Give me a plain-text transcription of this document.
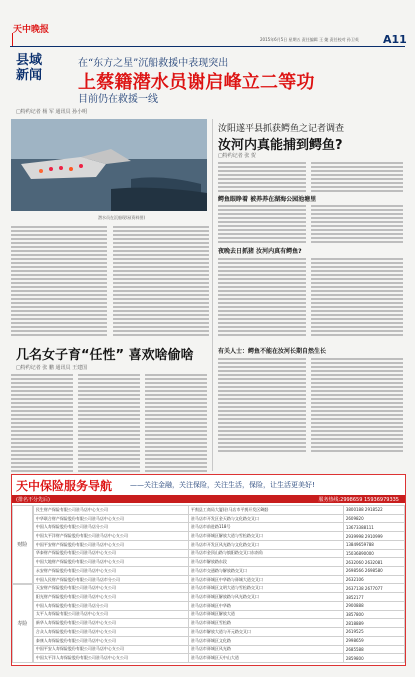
天中晚报
县域
新闻
2015年6月5日 星期五 责任编辑 王 婕 责任校对 孙卫英 A11
在“东方之星”沉船救援中表现突出
上蔡籍潜水员谢启峰立二等功
目前仍在救援一线
□特约记者 杨 军 通讯员 孙小明
潜水员在沉船现场(资料图)
几名女子育“任性” 喜欢啥偷啥
□特约记者 张 鹏 通讯员 王建国
汝阳遂平县抓获鳄鱼之记者调查
汝河内真能捕到鳄鱼?
□特约记者 张 贺
鳄鱼眼睁着 被养养在湖海公园池塘里
夜晚去日抓猪 汝河内真有鳄鱼?
有关人士：鳄鱼不能在汝河长期自然生长
天中保险服务导航	——关注金融，关注保险，关注生活，保险，让生活更美好!
(排名不分先后)	服务热线:2998659 15936979335
财险
寿险
民生财产保险有限公司驻马店中心支公司	平舆县工商局大厦(驻马店市平舆开发区8楼)	3800188 2918522
中华联合财产保险股份有限公司驻马店中心支公司	驻马店市开发区金天路与文化路交叉口	2609820
中国人寿保险股份有限公司驻马店分公司	驻马店市前进路118号	13673388111
中国太平洋财产保险股份有限公司驻马店中心支公司	驻马店市驿城区解放大道与雪松路交叉口	2939998 2910999
中国平安财产保险股份有限公司驻马店中心支公司	驻马店市开发区风光路与文化路交叉口	13849659788
华泰财产保险股份有限公司驻马店中心支公司	驻马店市金顶山路与慎阳路交叉口东南角	15036890000
中国大地财产保险股份有限公司驻马店中心支公司	驻马店市解放路东段	2632060 2632081
永安财产保险股份有限公司驻马店中心支公司	驻马店市交通路与解放路交叉口	2698566 2698580
中国人民财产保险股份有限公司驻马店市分公司	驻马店市驿城区中华路与驿城大道交叉口	2632106
天安财产保险股份有限公司驻马店中心支公司	驻马店市驿城区文明大道与雪松路交叉口	2637138 2677077
阳光财产保险股份有限公司驻马店中心支公司	驻马店市驿城区解放路与风光路交叉口	3852177
中国人寿保险股份有限公司驻马店分公司	驻马店市驿城区中华路	2900888
太平人寿保险有限公司驻马店中心支公司	驻马店市驿城区解放大道	3857800
新华人寿保险股份有限公司驻马店中心支公司	驻马店市驿城区雪松路	2818889
合众人寿保险股份有限公司驻马店中心支公司	驻马店市解放大道与开元路交叉口	2619525
泰康人寿保险股份有限公司驻马店中心支公司	驻马店市驿城区文化路	2998659
中国平安人寿保险股份有限公司驻马店中心支公司	驻马店市驿城区风光路	2685588
中国太平洋人寿保险股份有限公司驻马店中心支公司	驻马店市驿城区天中山大道	2859800
